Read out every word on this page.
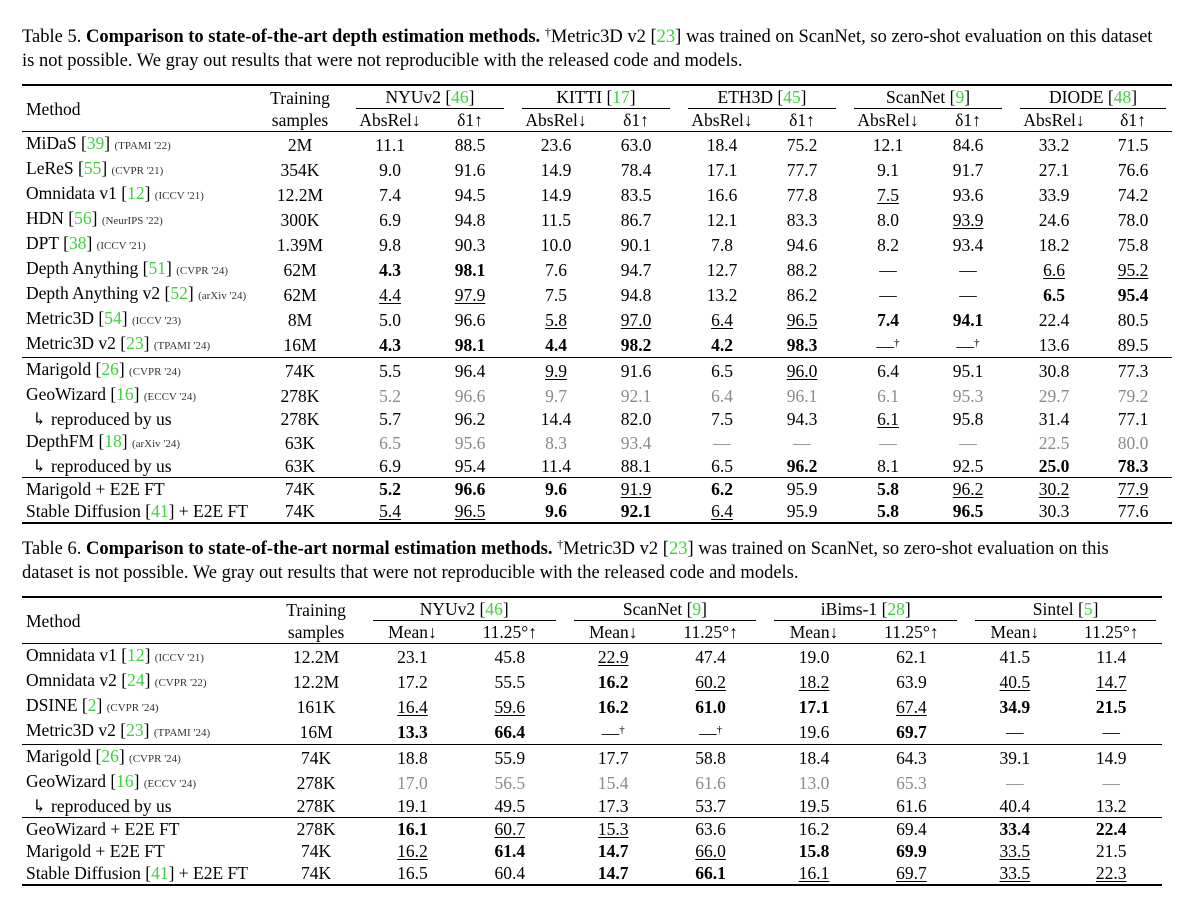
Table 5. Comparison to state-of-the-art depth estimation methods. †Metric3D v2 [23] was trained on ScanNet, so zero-shot evaluation on this dataset is not possible. We gray out results that were not reproducible with the released code and models.
Method	Training
samples	NYUv2 [46]			KITTI [17]			ETH3D [45]			ScanNet [9]			DIODE [48]	

		AbsRel↓	δ1↑		AbsRel↓	δ1↑		AbsRel↓	δ1↑		AbsRel↓	δ1↑		AbsRel↓	δ1↑
MiDaS [39] (TPAMI '22)	2M	11.1	88.5		23.6	63.0		18.4	75.2		12.1	84.6		33.2	71.5
LeReS [55] (CVPR '21)	354K	9.0	91.6		14.9	78.4		17.1	77.7		9.1	91.7		27.1	76.6
Omnidata v1 [12] (ICCV '21)	12.2M	7.4	94.5		14.9	83.5		16.6	77.8		7.5	93.6		33.9	74.2
HDN [56] (NeurIPS '22)	300K	6.9	94.8		11.5	86.7		12.1	83.3		8.0	93.9		24.6	78.0
DPT [38] (ICCV '21)	1.39M	9.8	90.3		10.0	90.1		7.8	94.6		8.2	93.4		18.2	75.8
Depth Anything [51] (CVPR '24)	62M	4.3	98.1		7.6	94.7		12.7	88.2		—	—		6.6	95.2
Depth Anything v2 [52] (arXiv '24)	62M	4.4	97.9		7.5	94.8		13.2	86.2		—	—		6.5	95.4
Metric3D [54] (ICCV '23)	8M	5.0	96.6		5.8	97.0		6.4	96.5		7.4	94.1		22.4	80.5
Metric3D v2 [23] (TPAMI '24)	16M	4.3	98.1		4.4	98.2		4.2	98.3		—†	—†		13.6	89.5
Marigold [26] (CVPR '24)	74K	5.5	96.4		9.9	91.6		6.5	96.0		6.4	95.1		30.8	77.3
GeoWizard [16] (ECCV '24)	278K	5.2	96.6		9.7	92.1		6.4	96.1		6.1	95.3		29.7	79.2
↳ reproduced by us	278K	5.7	96.2		14.4	82.0		7.5	94.3		6.1	95.8		31.4	77.1
DepthFM [18] (arXiv '24)	63K	6.5	95.6		8.3	93.4		—	—		—	—		22.5	80.0
↳ reproduced by us	63K	6.9	95.4		11.4	88.1		6.5	96.2		8.1	92.5		25.0	78.3
Marigold + E2E FT	74K	5.2	96.6		9.6	91.9		6.2	95.9		5.8	96.2		30.2	77.9
Stable Diffusion [41] + E2E FT	74K	5.4	96.5		9.6	92.1		6.4	95.9		5.8	96.5		30.3	77.6
Table 6. Comparison to state-of-the-art normal estimation methods. †Metric3D v2 [23] was trained on ScanNet, so zero-shot evaluation on this dataset is not possible. We gray out results that were not reproducible with the released code and models.
Method	Training
samples	NYUv2 [46]			ScanNet [9]			iBims-1 [28]			Sintel [5]	

		Mean↓	11.25°↑		Mean↓	11.25°↑		Mean↓	11.25°↑		Mean↓	11.25°↑
Omnidata v1 [12] (ICCV '21)	12.2M	23.1	45.8		22.9	47.4		19.0	62.1		41.5	11.4
Omnidata v2 [24] (CVPR '22)	12.2M	17.2	55.5		16.2	60.2		18.2	63.9		40.5	14.7
DSINE [2] (CVPR '24)	161K	16.4	59.6		16.2	61.0		17.1	67.4		34.9	21.5
Metric3D v2 [23] (TPAMI '24)	16M	13.3	66.4		—†	—†		19.6	69.7		—	—
Marigold [26] (CVPR '24)	74K	18.8	55.9		17.7	58.8		18.4	64.3		39.1	14.9
GeoWizard [16] (ECCV '24)	278K	17.0	56.5		15.4	61.6		13.0	65.3		—	—
↳ reproduced by us	278K	19.1	49.5		17.3	53.7		19.5	61.6		40.4	13.2
GeoWizard + E2E FT	278K	16.1	60.7		15.3	63.6		16.2	69.4		33.4	22.4
Marigold + E2E FT	74K	16.2	61.4		14.7	66.0		15.8	69.9		33.5	21.5
Stable Diffusion [41] + E2E FT	74K	16.5	60.4		14.7	66.1		16.1	69.7		33.5	22.3
